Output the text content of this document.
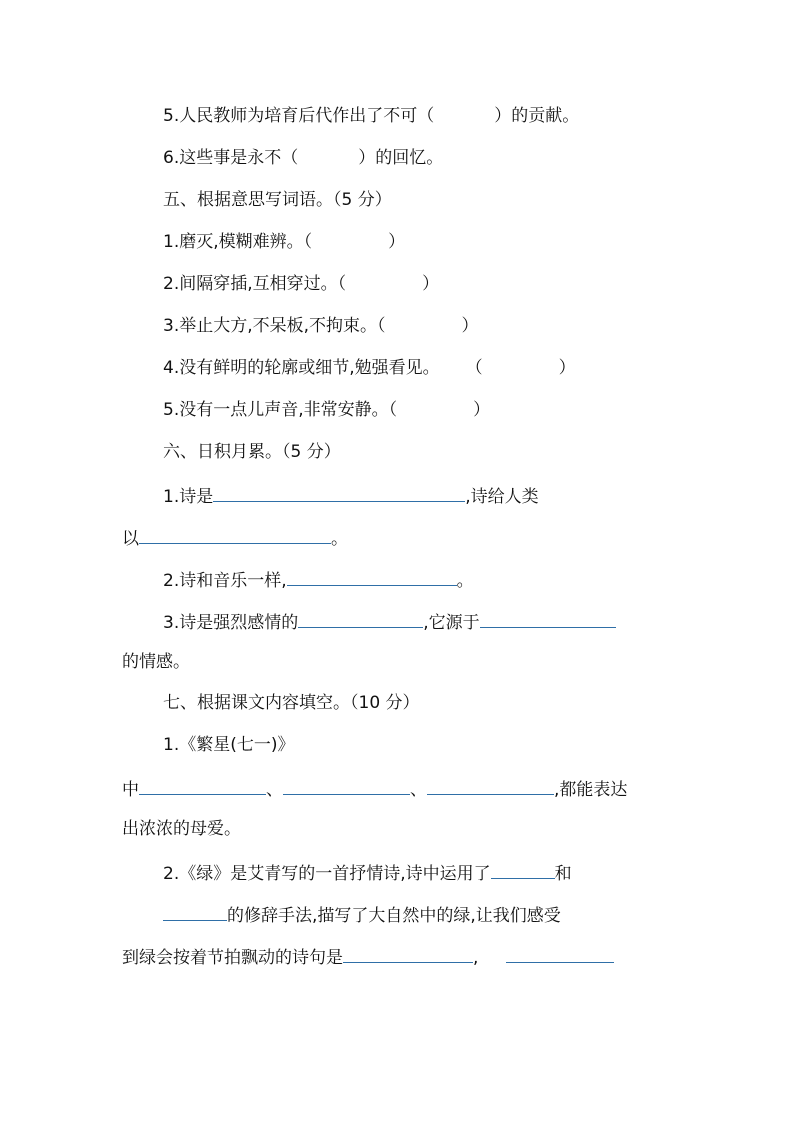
5.人民教师为培育后代作出了不可（	）的贡献。
6.这些事是永不（	）的回忆。
五、根据意思写词语。（5 分）
1.磨灭,模糊难辨。（	）
2.间隔穿插,互相穿过。（	）
3.举止大方,不呆板,不拘束。（	）
4.没有鲜明的轮廓或细节,勉强看见。 （	）
5.没有一点儿声音,非常安静。（	）
六、日积月累。（5 分）
1.诗是	,诗给人类
以	。
2.诗和音乐一样,	。
3.诗是强烈感情的	,它源于
的情感。
七、根据课文内容填空。（10 分）
1.《繁星(七一)》
中	、	、	,都能表达
出浓浓的母爱。
2.《绿》是艾青写的一首抒情诗,诗中运用了	和
的修辞手法,描写了大自然中的绿,让我们感受
到绿会按着节拍飘动的诗句是	,
